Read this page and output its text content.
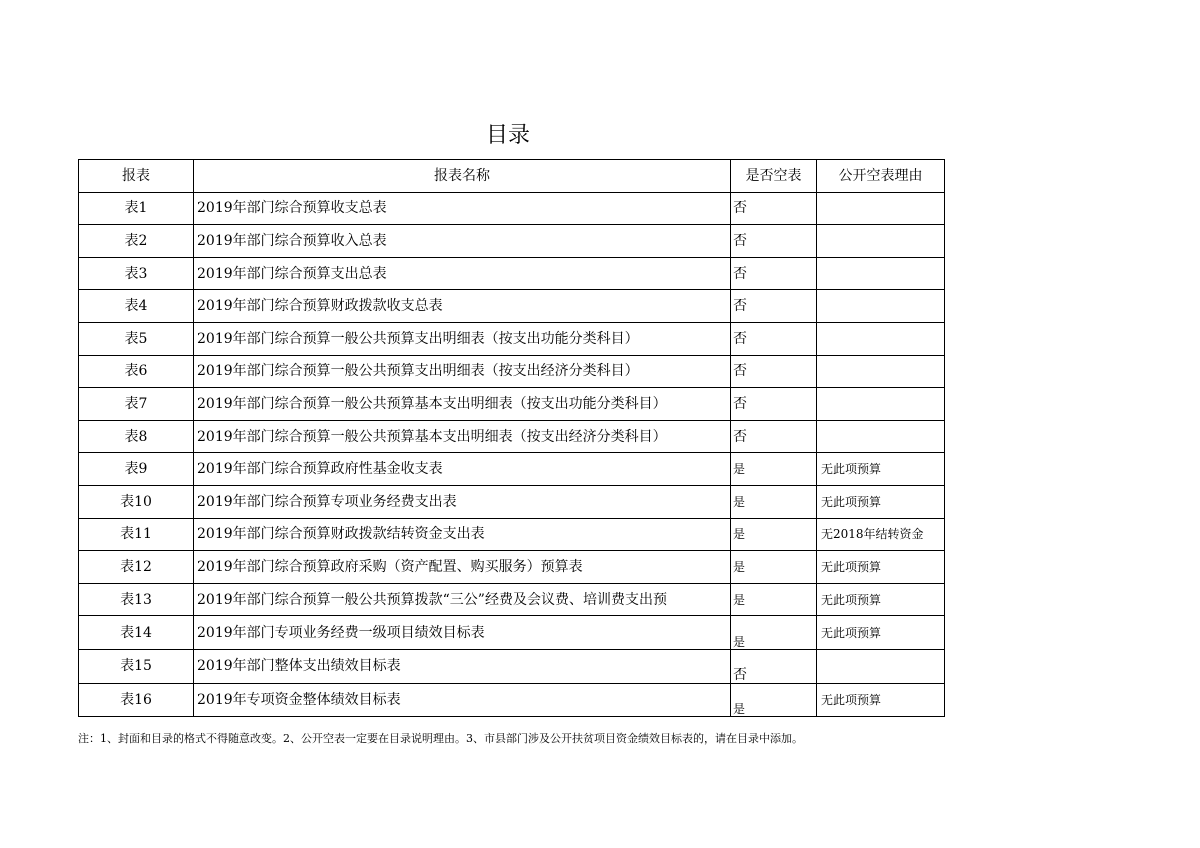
目录
报表	报表名称	是否空表	公开空表理由
表1	2019年部门综合预算收支总表	否	
表2	2019年部门综合预算收入总表	否	
表3	2019年部门综合预算支出总表	否	
表4	2019年部门综合预算财政拨款收支总表	否	
表5	2019年部门综合预算一般公共预算支出明细表（按支出功能分类科目）	否	
表6	2019年部门综合预算一般公共预算支出明细表（按支出经济分类科目）	否	
表7	2019年部门综合预算一般公共预算基本支出明细表（按支出功能分类科目）	否	
表8	2019年部门综合预算一般公共预算基本支出明细表（按支出经济分类科目）	否	
表9	2019年部门综合预算政府性基金收支表	是	无此项预算
表10	2019年部门综合预算专项业务经费支出表	是	无此项预算
表11	2019年部门综合预算财政拨款结转资金支出表	是	无2018年结转资金
表12	2019年部门综合预算政府采购（资产配置、购买服务）预算表	是	无此项预算
表13	2019年部门综合预算一般公共预算拨款“三公”经费及会议费、培训费支出预	是	无此项预算
表14	2019年部门专项业务经费一级项目绩效目标表	是	无此项预算
表15	2019年部门整体支出绩效目标表	否	
表16	2019年专项资金整体绩效目标表	是	无此项预算
注：1、封面和目录的格式不得随意改变。2、公开空表一定要在目录说明理由。3、市县部门涉及公开扶贫项目资金绩效目标表的，请在目录中添加。
